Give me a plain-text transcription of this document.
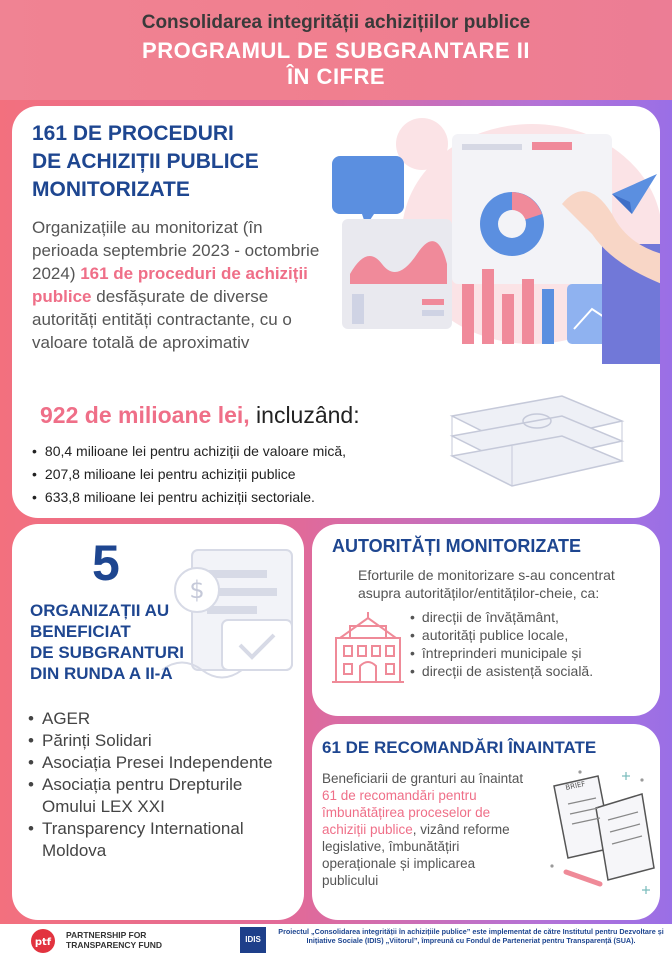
Consolidarea integrității achizițiilor publice
PROGRAMUL DE SUBGRANTARE II
ÎN CIFRE
161 DE PROCEDURI
DE ACHIZIȚII PUBLICE
MONITORIZATE
Organizațiile au monitorizat (în perioada septembrie 2023 - octombrie 2024) 161 de proceduri de achiziții publice desfășurate de diverse autorități entități contractante, cu o valoare totală de aproximativ
922 de milioane lei, incluzând:
• 80,4 milioane lei pentru achiziții de valoare mică,
• 207,8 milioane lei pentru achiziții publice
• 633,8 milioane lei pentru achiziții sectoriale.
$
5
ORGANIZAȚII AU
BENEFICIAT
DE SUBGRANTURI
DIN RUNDA A II-A
• AGER
• Părinți Solidari
• Asociația Presei Independente
• Asociația pentru Drepturile Omului LEX XXI
• Transparency International Moldova
AUTORITĂȚI MONITORIZATE
Eforturile de monitorizare s-au concentrat asupra autorităților/entităților-cheie, ca:
• direcții de învățământ,
• autorități publice locale,
• întreprinderi municipale și
• direcții de asistență socială.
61 DE RECOMANDĂRI ÎNAINTATE
Beneficiarii de granturi au înaintat 61 de recomandări pentru îmbunătățirea proceselor de achiziții publice, vizând reforme legislative, îmbunătățiri operaționale și implicarea publicului
BRIEF
ptf
PARTNERSHIP FOR
TRANSPARENCY FUND
IDIS
Proiectul „Consolidarea integrității în achizițiile publice” este implementat de către Institutul pentru Dezvoltare și Inițiative Sociale (IDIS) „Viitorul”, împreună cu Fondul de Parteneriat pentru Transparență (SUA).
